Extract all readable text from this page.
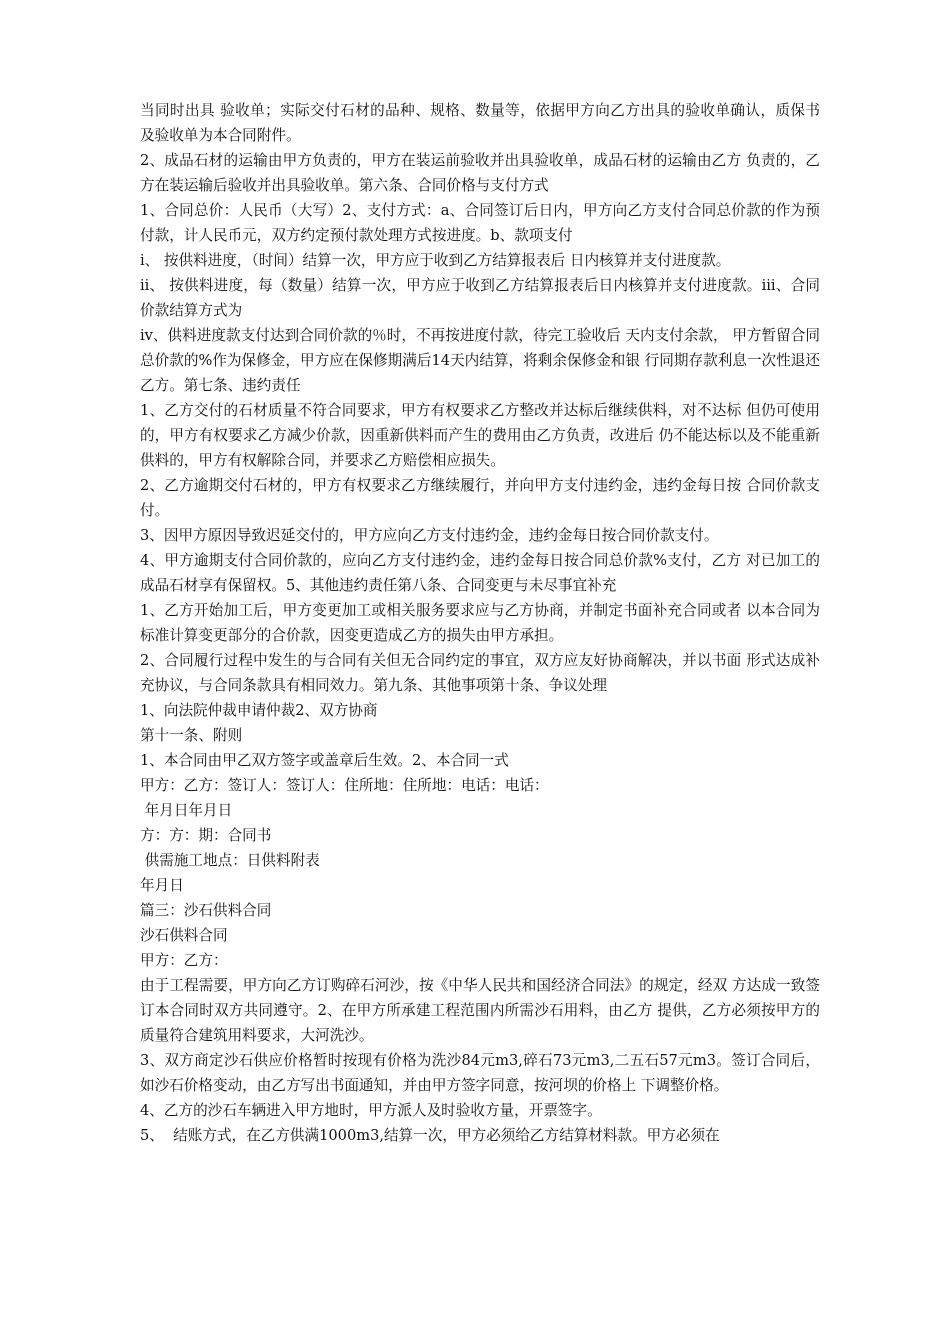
当同时出具 验收单；实际交付石材的品种、规格、数量等，依据甲方向乙方出具的验收单确认，质保书 及验收单为本合同附件。

2、成品石材的运输由甲方负责的，甲方在装运前验收并出具验收单，成品石材的运输由乙方 负责的，乙方在装运输后验收并出具验收单。第六条、合同价格与支付方式

1、合同总价：人民币（大写）2、支付方式：a、合同签订后日内，甲方向乙方支付合同总价款的作为预付款，计人民币元，双方约定预付款处理方式按进度。b、款项支付

i、 按供料进度，（时间）结算一次，甲方应于收到乙方结算报表后 日内核算并支付进度款。

ii、 按供料进度，每（数量）结算一次，甲方应于收到乙方结算报表后日内核算并支付进度款。iii、合同价款结算方式为

iv、供料进度款支付达到合同价款的％时，不再按进度付款，待完工验收后 天内支付余款， 甲方暂留合同总价款的%作为保修金，甲方应在保修期满后14天内结算，将剩余保修金和银 行同期存款利息一次性退还乙方。第七条、违约责任

1、乙方交付的石材质量不符合同要求，甲方有权要求乙方整改并达标后继续供料，对不达标 但仍可使用的，甲方有权要求乙方减少价款，因重新供料而产生的费用由乙方负责，改进后 仍不能达标以及不能重新供料的，甲方有权解除合同，并要求乙方赔偿相应损失。

2、乙方逾期交付石材的，甲方有权要求乙方继续履行，并向甲方支付违约金，违约金每日按 合同价款支付。

3、因甲方原因导致迟延交付的，甲方应向乙方支付违约金，违约金每日按合同价款支付。

4、甲方逾期支付合同价款的，应向乙方支付违约金，违约金每日按合同总价款%支付，乙方 对已加工的成品石材享有保留权。5、其他违约责任第八条、合同变更与未尽事宜补充

1、乙方开始加工后，甲方变更加工或相关服务要求应与乙方协商，并制定书面补充合同或者 以本合同为标准计算变更部分的合价款，因变更造成乙方的损失由甲方承担。

2、合同履行过程中发生的与合同有关但无合同约定的事宜，双方应友好协商解决，并以书面 形式达成补充协议，与合同条款具有相同效力。第九条、其他事项第十条、争议处理

1、向法院仲裁申请仲裁2、双方协商

第十一条、附则

1、本合同由甲乙双方签字或盖章后生效。2、本合同一式

甲方：乙方：签订人：签订人：住所地：住所地：电话：电话：

年月日年月日

方：方：期：合同书

供需施工地点：日供料附表

年月日

篇三：沙石供料合同

沙石供料合同

甲方：乙方：

由于工程需要，甲方向乙方订购碎石河沙，按《中华人民共和国经济合同法》的规定，经双 方达成一致签订本合同时双方共同遵守。2、在甲方所承建工程范围内所需沙石用料，由乙方 提供，乙方必须按甲方的质量符合建筑用料要求，大河洗沙。

3、双方商定沙石供应价格暂时按现有价格为洗沙84元m3,碎石73元m3,二五石57元m3。签订合同后，如沙石价格变动，由乙方写出书面通知，并由甲方签字同意，按河坝的价格上 下调整价格。

4、乙方的沙石车辆进入甲方地时，甲方派人及时验收方量，开票签字。

5、  结账方式，在乙方供满1000m3,结算一次，甲方必须给乙方结算材料款。甲方必须在
